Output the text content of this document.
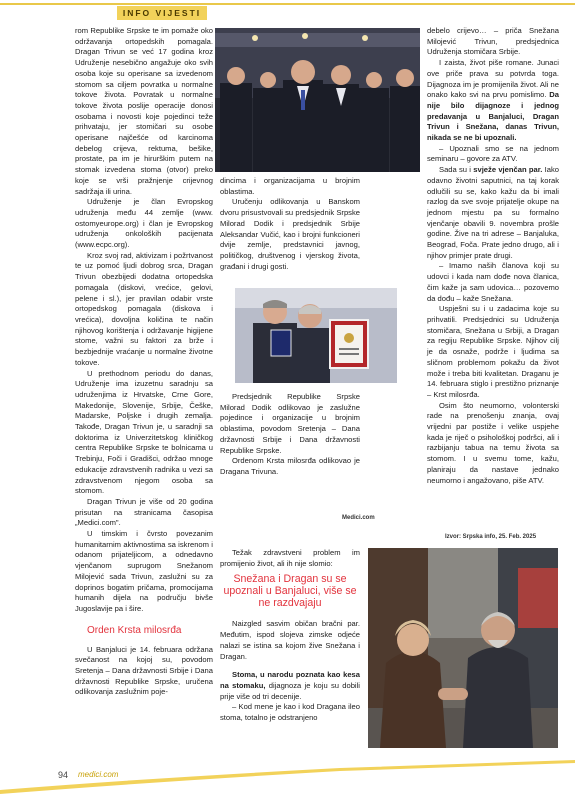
INFO VIJESTI

rom Republike Srpske te im pomaže oko održavanja ortopedskih pomagala. Dragan Trivun se već 17 godina kroz Udruženje nesebično angažuje oko svih osoba koje su operisane sa izvedenom stomom sa ciljem povratka u normalne tokove života. Povratak u normalne tokove života poslije operacije donosi osobama i novosti koje pojedinci teže prihvataju, jer stomičari su osobe operisane najčešće od karcinoma debelog crijeva, rektuma, bešike, prostate, pa im je hirurškim putem na stomak izvedena stoma (otvor) preko koje se vrši pražnjenje crijevnog sadržaja ili urina.

Udruženje je član Evropskog udruženja među 44 zemlje (www. ostomyeurope.org) i član je Evropskog udruženja onkoloških pacijenata (www.ecpc.org).

Kroz svoj rad, aktivizam i požrtvanost te uz pomoć ljudi dobrog srca, Dragan Trivun obezbijedi dodatna ortopedska pomagala (diskovi, vrećice, gelovi, pelene i sl.), jer pravilan odabir vrste ortopedskog pomagala (diskova i vrećica), dovoljna količina te način njihovog korištenja i održavanje higijene stome, važni su faktori za brže i bezbjednije vraćanje u normalne životne tokove.

U prethodnom periodu do danas, Udruženje ima izuzetnu saradnju sa udruženjima iz Hrvatske, Crne Gore, Makedonije, Slovenije, Srbije, Češke, Madarske, Poljske i drugih zemalja. Takođe, Dragan Trivun je, u saradnji sa doktorima iz Univerzitetskog kliničkog centra Republike Srpske te bolnicama u Trebinju, Foči i Gradišci, održao mnoge edukacije zdravstvenih radnika u vezi sa zdravstvenom njegom osoba sa stomom.

Dragan Trivun je više od 20 godina prisutan na stranicama časopisa „Medici.com".

U timskim i čvrsto povezanim humanitarnim aktivnostima sa iskrenom i odanom prijateljicom, a odnedavno vjenčanom suprugom Snežanom Milojević sada Trivun, zaslužni su za doprinos bogatim pričama, promocijama humanih dijela na području bivše Jugoslavije pa i šire.

Orden Krsta milosrđa

U Banjaluci je 14. februara održana svečanost na kojoj su, povodom Sretenja – Dana državnosti Srbije i Dana državnosti Republike Srpske, uručena odlikovanja zaslužnim poje-

dincima i organizacijama u brojnim oblastima.

Uručenju odlikovanja u Banskom dvoru prisustvovali su predsjednik Srpske Milorad Dodik i predsjednik Srbije Aleksandar Vučić, kao i brojni funkcioneri dvije zemlje, predstavnici javnog, političkog, društvenog i vjerskog života, građani i drugi gosti.

Predsjednik Republike Srpske Milorad Dodik odlikovao je zaslužne pojedince i organizacije u brojnim oblastima, povodom Sretenja – Dana državnosti Srbije i Dana državnosti Republike Srpske.

Ordenom Krsta milosrđa odlikovao je Dragana Trivuna.

Medici.com

Težak zdravstveni problem im promijenio život, ali ih nije slomio:

Snežana i Dragan su se upoznali u Banjaluci, više se ne razdvajaju

Naizgled sasvim običan bračni par. Međutim, ispod slojeva zimske odjeće nalazi se istina sa kojom žive Snežana i Dragan.

Stoma, u narodu poznata kao kesa na stomaku, dijagnoza je koju su dobili prije više od tri decenije.

– Kod mene je kao i kod Dragana ileo stoma, totalno je odstranjeno

debelo crijevo… – priča Snežana Milojević Trivun, predsjednica Udruženja stomičara Srbije.

I zaista, život piše romane. Junaci ove priče prava su potvrda toga. Dijagnoza im je promijenila život. Ali ne onako kako svi na prvu pomislimo. Da nije bilo dijagnoze i jednog predavanja u Banjaluci, Dragan Trivun i Snežana, danas Trivun, nikada se ne bi upoznali.

– Upoznali smo se na jednom seminaru – govore za ATV.

Sada su i svježe vjenčan par. Iako odavno životni saputnici, na taj korak odlučili su se, kako kažu da bi imali razlog da sve svoje prijatelje okupe na jednom mjestu pa su formalno vjenčanje obavili 9. novembra prošle godine. Žive na tri adrese – Banjaluka, Beograd, Foča. Prate jedno drugo, ali i njihov primjer prate drugi.

– Imamo naših članova koji su udovci i kada nam dođe nova članica, čim kaže ja sam udovica… pozovemo da dođu – kaže Snežana.

Uspješni su i u zadacima koje su prihvatili. Predsjednici su Udruženja stomičara, Snežana u Srbiji, a Dragan za regiju Republike Srpske. Njihov cilj je da osnaže, podrže i ljudima sa sličnom problemom pokažu da život može i treba biti kvalitetan. Draganu je 14. februara stiglo i prestižno priznanje – Krst milosrđa.

Osim što neumorno, volonterski rade na prenošenju znanja, ovaj vrijedni par postiže i velike uspjehe kada je riječ o psihološkoj podršci, ali i razbijanju tabua na temu života sa stomom. I u svemu tome, kažu, planiraju da nastave jednako neumorno i angažovano, piše ATV.

Izvor: Srpska info, 25. Feb. 2025
94 medici.com
